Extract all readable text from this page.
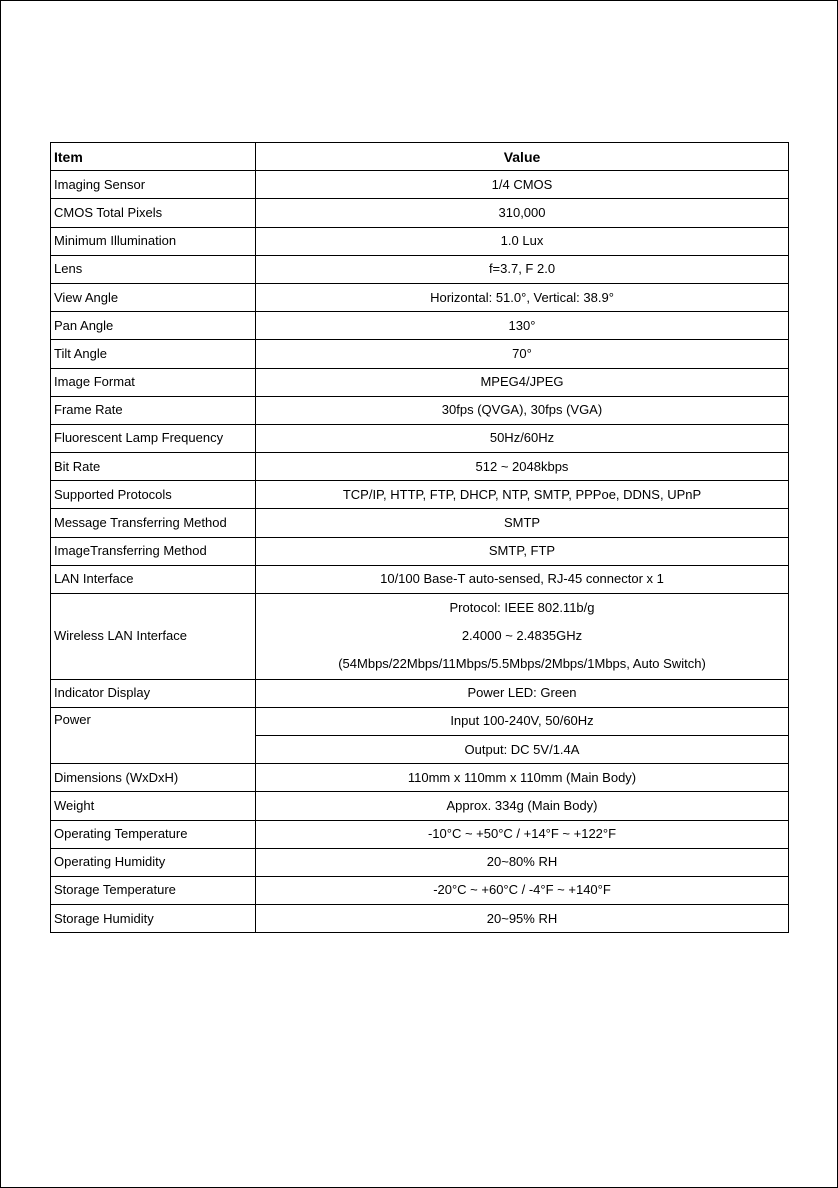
Item	Value
Imaging Sensor	1/4 CMOS
CMOS Total Pixels	310,000
Minimum Illumination	1.0 Lux
Lens	f=3.7, F 2.0
View Angle	Horizontal: 51.0°, Vertical: 38.9°
Pan Angle	130°
Tilt Angle	70°
Image Format	MPEG4/JPEG
Frame Rate	30fps (QVGA), 30fps (VGA)
Fluorescent Lamp Frequency	50Hz/60Hz
Bit Rate	512 ~ 2048kbps
Supported Protocols	TCP/IP, HTTP, FTP, DHCP, NTP, SMTP, PPPoe, DDNS, UPnP
Message Transferring Method	SMTP
ImageTransferring Method	SMTP, FTP
LAN Interface	10/100 Base-T auto-sensed, RJ-45 connector x 1
Wireless LAN Interface	Protocol: IEEE 802.11b/g
2.4000 ~ 2.4835GHz
(54Mbps/22Mbps/11Mbps/5.5Mbps/2Mbps/1Mbps, Auto Switch)

Indicator Display	Power LED: Green
Power	Input 100-240V, 50/60Hz
	Output: DC 5V/1.4A
Dimensions (WxDxH)	110mm x 110mm x 110mm (Main Body)
Weight	Approx. 334g (Main Body)
Operating Temperature	-10°C ~ +50°C / +14°F ~ +122°F
Operating Humidity	20~80% RH
Storage Temperature	-20°C ~ +60°C / -4°F ~ +140°F
Storage Humidity	20~95% RH
